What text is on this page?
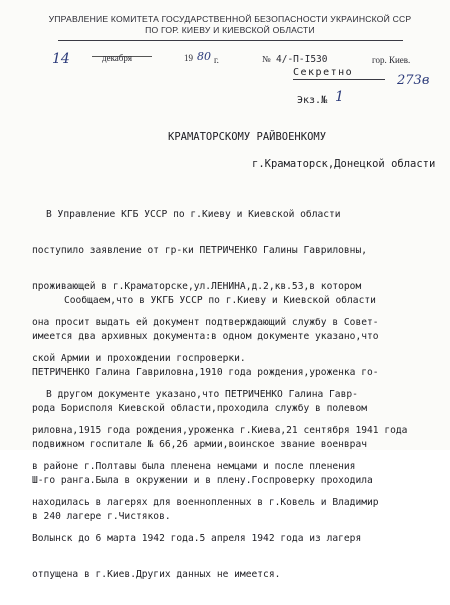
УПРАВЛЕНИЕ КОМИТЕТА ГОСУДАРСТВЕННОЙ БЕЗОПАСНОСТИ УКРАИНСКОЙ ССР
ПО ГОР. КИЕВУ И КИЕВСКОЙ ОБЛАСТИ
14	декабря	19 80 г.	№ 4/-П-I530	гор. Киев.
273в
Секретно
Экз.№ 1
КРАМАТОРСКОМУ РАЙВОЕНКОМУ
г.Краматорск,Донецкой области

В Управление КГБ УССР по г.Киеву и Киевской области

поступило заявление от гр-ки ПЕТРИЧЕНКО Галины Гавриловны,

проживающей в г.Краматорске,ул.ЛЕНИНА,д.2,кв.53,в котором

она просит выдать ей документ подтверждающий службу в Совет-

ской Армии и прохождении госпроверки.

Сообщаем,что в УКГБ УССР по г.Киеву и Киевской области

имеется два архивных документа:в одном документе указано,что

ПЕТРИЧЕНКО Галина Гавриловна,1910 года рождения,уроженка го-

рода Борисполя Киевской области,проходила службу в полевом

подвижном госпитале № 66,26 армии,воинское звание военврач

Ш-го ранга.Была в окружении и в плену.Госпроверку проходила

в 240 лагере г.Чистяков.

В другом документе указано,что ПЕТРИЧЕНКО Галина Гавр-

риловна,1915 года рождения,уроженка г.Киева,21 сентября 1941 года

в районе г.Полтавы была пленена немцами и после пленения

находилась в лагерях для военнопленных в г.Ковель и Владимир

Волынск до 6 марта 1942 года.5 апреля 1942 года из лагеря

отпущена в г.Киев.Других данных не имеется.
